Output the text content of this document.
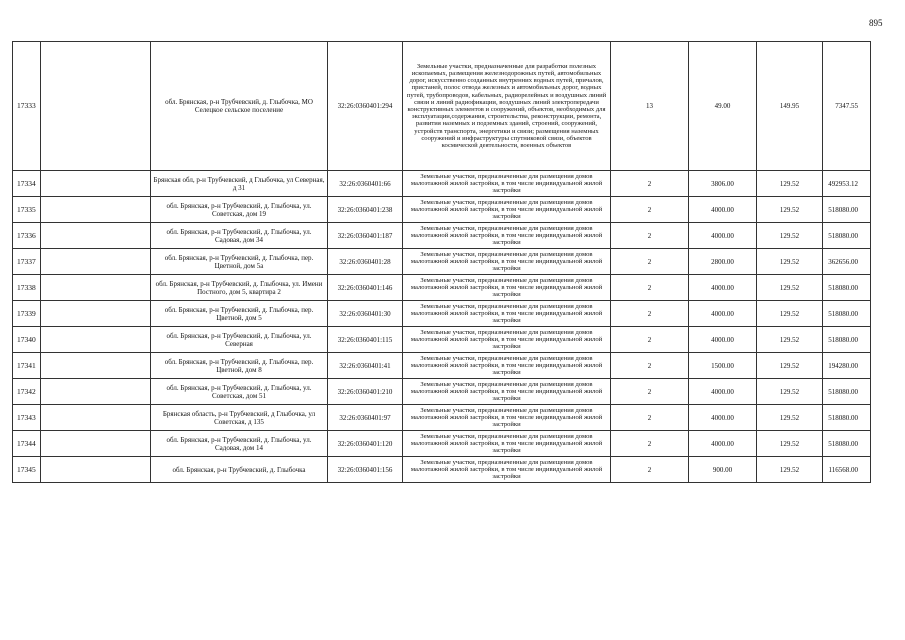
895
17333		обл. Брянская, р-н Трубчевский, д. Глыбочка, МО Селецкое сельское поселение	32:26:0360401:294	Земельные участки, предназначенные для разработки полезных ископаемых, размещения железнодорожных путей, автомобильных дорог, искусственно созданных внутренних водных путей, причалов, пристаней, полос отвода железных и автомобильных дорог, водных путей, трубопроводов, кабельных, радиорелейных и воздушных линий связи и линий радиофикации, воздушных линий электропередачи конструктивных элементов и сооружений, объектов, необходимых для эксплуатации,содержания, строительства, реконструкции, ремонта, развития наземных и подземных зданий, строений, сооружений, устройств транспорта, энергетики и связи; размещения наземных сооружений и инфраструктуры спутниковой связи, объектов космической деятельности, военных объектов	13	49.00	149.95	7347.55
17334		Брянская обл, р-н Трубчевский, д Глыбочка, ул Северная, д 31	32:26:0360401:66	Земельные участки, предназначенные для размещения домов малоэтажной жилой застройки, в том числе индивидуальной жилой застройки	2	3806.00	129.52	492953.12
17335		обл. Брянская, р-н Трубчевский, д. Глыбочка, ул. Советская, дом 19	32:26:0360401:238	Земельные участки, предназначенные для размещения домов малоэтажной жилой застройки, в том числе индивидуальной жилой застройки	2	4000.00	129.52	518080.00
17336		обл. Брянская, р-н Трубчевский, д. Глыбочка, ул. Садовая, дом 34	32:26:0360401:187	Земельные участки, предназначенные для размещения домов малоэтажной жилой застройки, в том числе индивидуальной жилой застройки	2	4000.00	129.52	518080.00
17337		обл. Брянская, р-н Трубчевский, д. Глыбочка, пер. Цветной, дом 5а	32:26:0360401:28	Земельные участки, предназначенные для размещения домов малоэтажной жилой застройки, в том числе индивидуальной жилой застройки	2	2800.00	129.52	362656.00
17338		обл. Брянская, р-н Трубчевский, д. Глыбочка, ул. Имени Постного, дом 5, квартира 2	32:26:0360401:146	Земельные участки, предназначенные для размещения домов малоэтажной жилой застройки, в том числе индивидуальной жилой застройки	2	4000.00	129.52	518080.00
17339		обл. Брянская, р-н Трубчевский, д. Глыбочка, пер. Цветной, дом 5	32:26:0360401:30	Земельные участки, предназначенные для размещения домов малоэтажной жилой застройки, в том числе индивидуальной жилой застройки	2	4000.00	129.52	518080.00
17340		обл. Брянская, р-н Трубчевский, д. Глыбочка, ул. Северная	32:26:0360401:115	Земельные участки, предназначенные для размещения домов малоэтажной жилой застройки, в том числе индивидуальной жилой застройки	2	4000.00	129.52	518080.00
17341		обл. Брянская, р-н Трубчевский, д. Глыбочка, пер. Цветной, дом 8	32:26:0360401:41	Земельные участки, предназначенные для размещения домов малоэтажной жилой застройки, в том числе индивидуальной жилой застройки	2	1500.00	129.52	194280.00
17342		обл. Брянская, р-н Трубчевский, д. Глыбочка, ул. Советская, дом 51	32:26:0360401:210	Земельные участки, предназначенные для размещения домов малоэтажной жилой застройки, в том числе индивидуальной жилой застройки	2	4000.00	129.52	518080.00
17343		Брянская область, р-н Трубчевский, д Глыбочка, ул Советская, д 135	32:26:0360401:97	Земельные участки, предназначенные для размещения домов малоэтажной жилой застройки, в том числе индивидуальной жилой застройки	2	4000.00	129.52	518080.00
17344		обл. Брянская, р-н Трубчевский, д. Глыбочка, ул. Садовая, дом 14	32:26:0360401:120	Земельные участки, предназначенные для размещения домов малоэтажной жилой застройки, в том числе индивидуальной жилой застройки	2	4000.00	129.52	518080.00
17345		обл. Брянская, р-н Трубчевский, д. Глыбочка	32:26:0360401:156	Земельные участки, предназначенные для размещения домов малоэтажной жилой застройки, в том числе индивидуальной жилой застройки	2	900.00	129.52	116568.00
